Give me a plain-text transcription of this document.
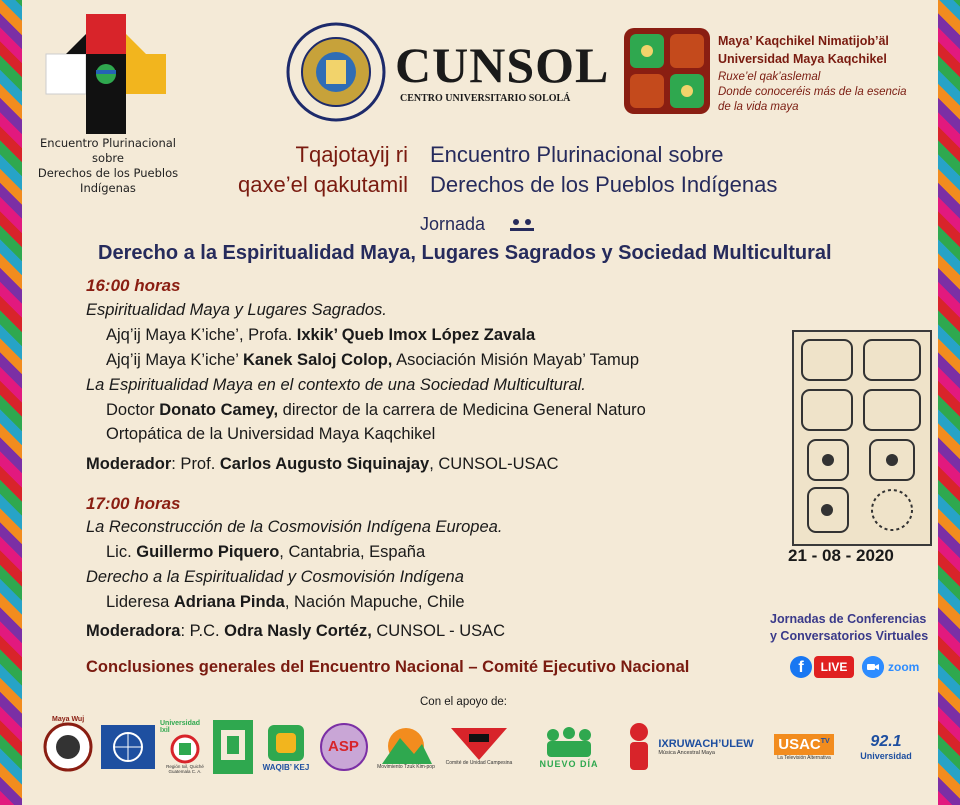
Encuentro Plurinacional sobre
Derechos de los Pueblos Indígenas
CUNSOL
CENTRO UNIVERSITARIO SOLOLÁ
Maya’ Kaqchikel Nimatijob’äl
Universidad Maya Kaqchikel
Ruxe’el qak’aslemal
Donde conoceréis más de la esencia
de la vida maya
Tqajotayij ri
qaxe’el qakutamil
Encuentro Plurinacional sobre
Derechos de los Pueblos Indígenas
Jornada
Derecho a la Espiritualidad Maya, Lugares Sagrados y Sociedad Multicultural
16:00 horas
Espiritualidad Maya y Lugares Sagrados.
Ajq’ij Maya K’iche’, Profa. Ixkik’ Queb Imox López Zavala
Ajq’ij Maya K’iche’ Kanek Saloj Colop, Asociación Misión Mayab’ Tamup
La Espiritualidad Maya en el contexto de una Sociedad Multicultural.
Doctor Donato Camey, director de la carrera de Medicina General Naturo
Ortopática de la Universidad Maya Kaqchikel
Moderador: Prof. Carlos Augusto Siquinajay, CUNSOL-USAC
17:00 horas
La Reconstrucción de la Cosmovisión Indígena Europea.
Lic. Guillermo Piquero, Cantabria, España
Derecho a la Espiritualidad y Cosmovisión Indígena
Lideresa Adriana Pinda, Nación Mapuche, Chile
Moderadora: P.C. Odra Nasly Cortéz, CUNSOL - USAC
Conclusiones generales del Encuentro Nacional – Comité Ejecutivo Nacional
21 - 08 - 2020
Jornadas de Conferencias
y Conversatorios Virtuales
f	LIVE	zoom
Con el apoyo de:
Maya Wuj
Universidad Ixil
Región Ixil, Quiché Guatemala C. A.	WAQIB’ KEJ
ASP
Movimiento Tzuk Kim-pop
Comité de Unidad Campesina	NUEVO DÍA
IXRUWACH’ULEW
Música Ancestral Maya
$USAC^{TV}$
La Televisión Alternativa
92.1
Universidad
